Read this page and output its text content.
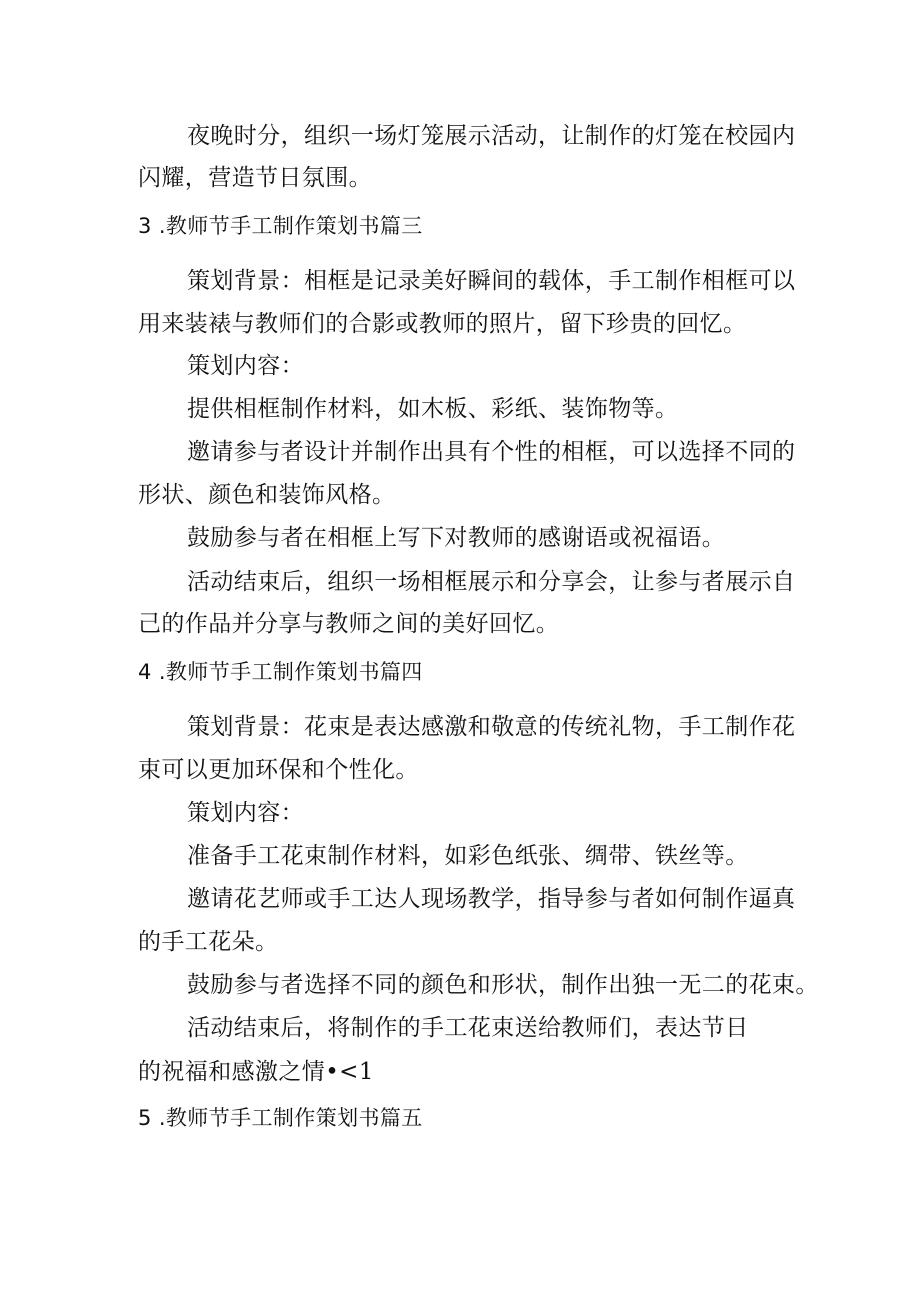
夜晚时分，组织一场灯笼展示活动，让制作的灯笼在校园内
闪耀，营造节日氛围。
3 .教师节手工制作策划书篇三
策划背景：相框是记录美好瞬间的载体，手工制作相框可以
用来装裱与教师们的合影或教师的照片，留下珍贵的回忆。
策划内容：
提供相框制作材料，如木板、彩纸、装饰物等。
邀请参与者设计并制作出具有个性的相框，可以选择不同的
形状、颜色和装饰风格。
鼓励参与者在相框上写下对教师的感谢语或祝福语。
活动结束后，组织一场相框展示和分享会，让参与者展示自
己的作品并分享与教师之间的美好回忆。
4 .教师节手工制作策划书篇四
策划背景：花束是表达感激和敬意的传统礼物，手工制作花
束可以更加环保和个性化。
策划内容：
准备手工花束制作材料，如彩色纸张、绸带、铁丝等。
邀请花艺师或手工达人现场教学，指导参与者如何制作逼真
的手工花朵。
鼓励参与者选择不同的颜色和形状，制作出独一无二的花束。
活动结束后，将制作的手工花束送给教师们，表达节日
的祝福和感激之情•<1
5 .教师节手工制作策划书篇五
